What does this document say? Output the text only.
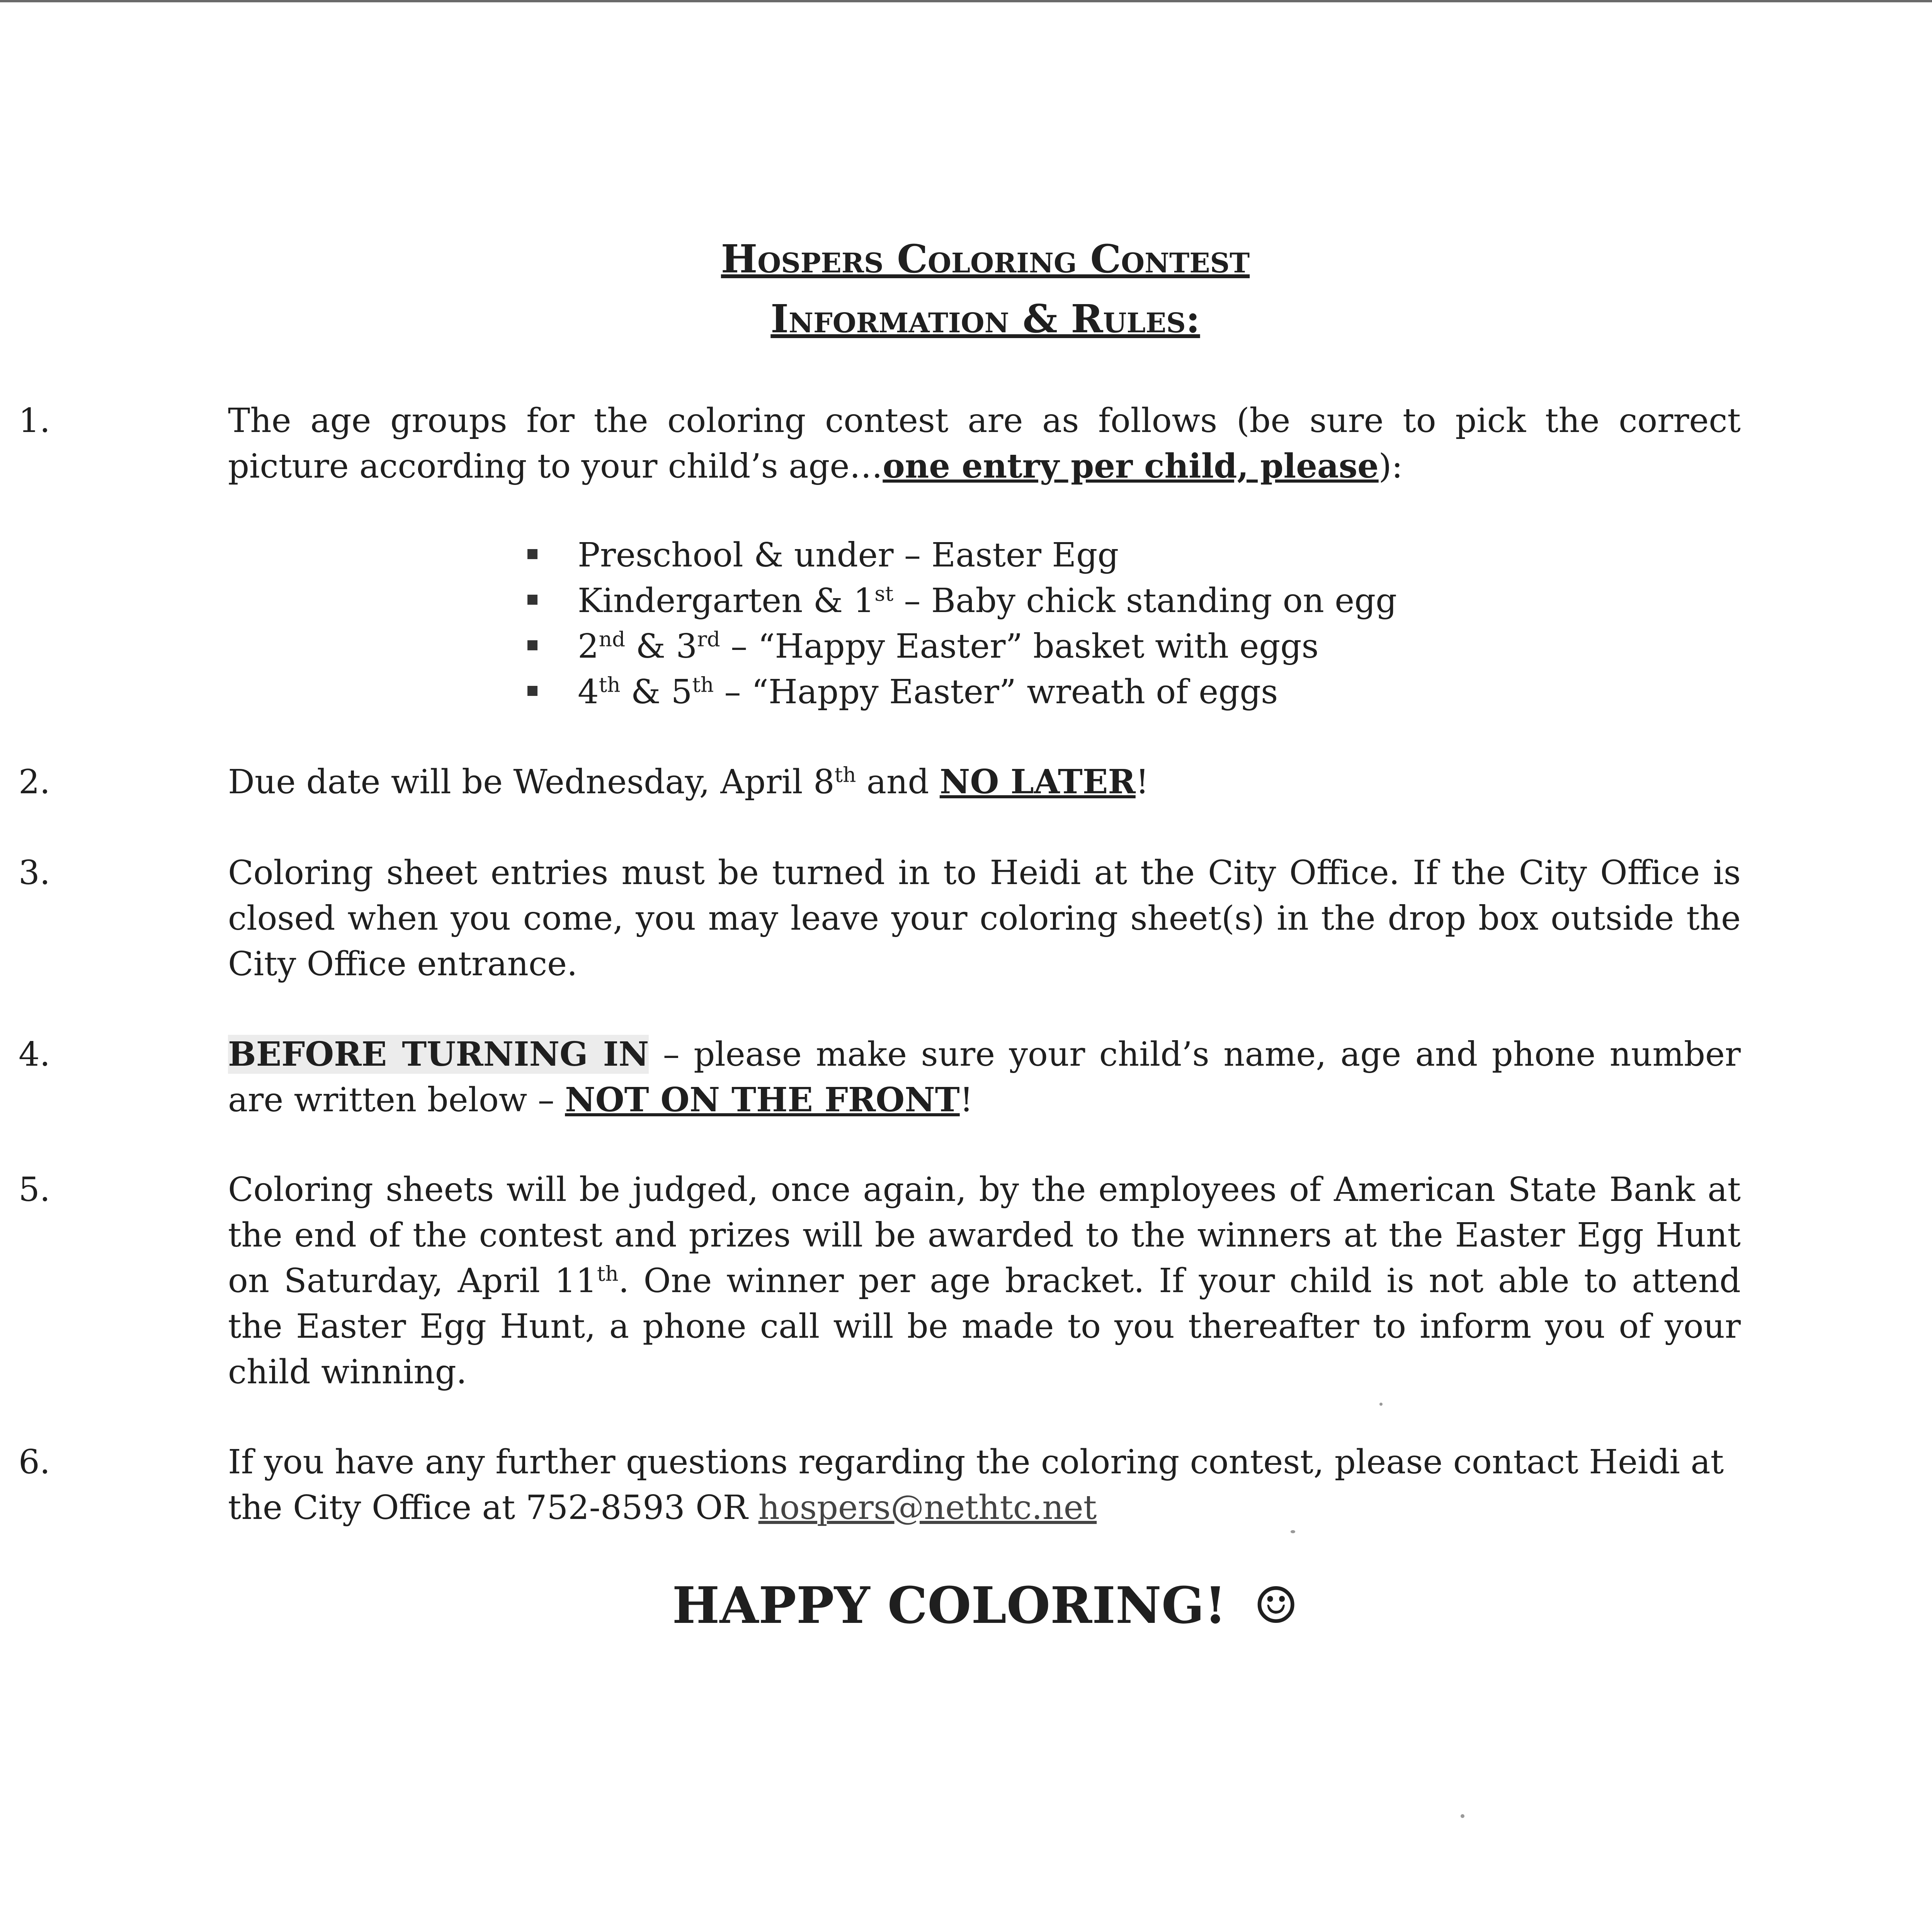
Hospers Coloring Contest
Information & Rules:
1.	The age groups for the coloring contest are as follows (be sure to pick the correct picture according to your child’s age…one entry per child, please):
Preschool & under – Easter Egg
Kindergarten & 1st – Baby chick standing on egg
2nd & 3rd – “Happy Easter” basket with eggs
4th & 5th – “Happy Easter” wreath of eggs
2.	Due date will be Wednesday, April 8th and NO LATER!
3.	Coloring sheet entries must be turned in to Heidi at the City Office. If the City Office is closed when you come, you may leave your coloring sheet(s) in the drop box outside the City Office entrance.
4.	BEFORE TURNING IN – please make sure your child’s name, age and phone number are written below – NOT ON THE FRONT!
5.	Coloring sheets will be judged, once again, by the employees of American State Bank at the end of the contest and prizes will be awarded to the winners at the Easter Egg Hunt on Saturday, April 11th. One winner per age bracket. If your child is not able to attend the Easter Egg Hunt, a phone call will be made to you thereafter to inform you of your child winning.
6.	If you have any further questions regarding the coloring contest, please contact Heidi at the City Office at 752-8593 OR hospers@nethtc.net
HAPPY COLORING! ☺
